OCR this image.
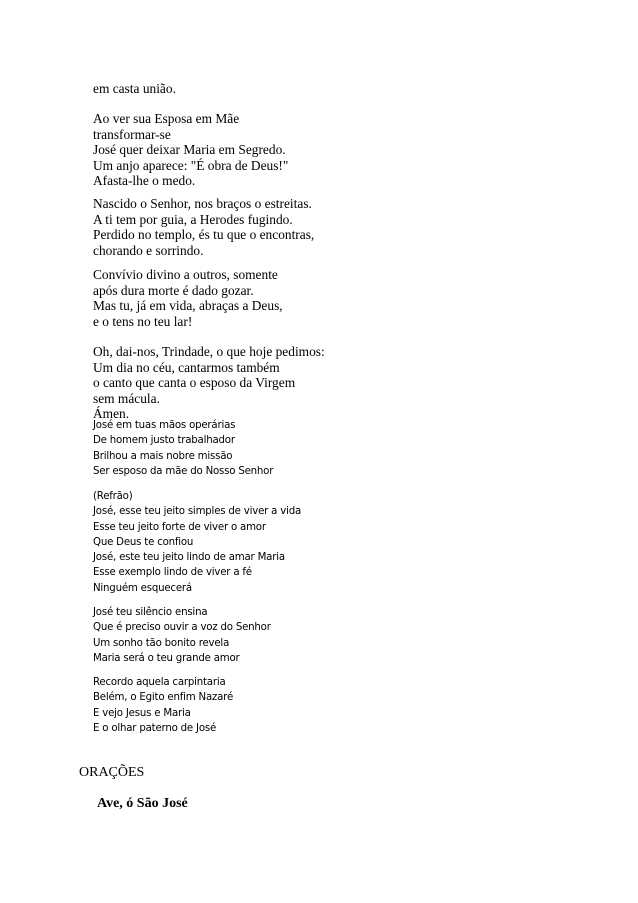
em casta união.
Ao ver sua Esposa em Mãe
transformar-se
José quer deixar Maria em Segredo.
Um anjo aparece: "É obra de Deus!"
Afasta-lhe o medo.
Nascido o Senhor, nos braços o estreitas.
A ti tem por guia, a Herodes fugindo.
Perdido no templo, és tu que o encontras,
chorando e sorrindo.
Convívio divino a outros, somente
após dura morte é dado gozar.
Mas tu, já em vida, abraças a Deus,
e o tens no teu lar!
Oh, dai-nos, Trindade, o que hoje pedimos:
Um dia no céu, cantarmos também
o canto que canta o esposo da Virgem
sem mácula.
Ámen.
José em tuas mãos operárias
De homem justo trabalhador
Brilhou a mais nobre missão
Ser esposo da mãe do Nosso Senhor
(Refrão)
José, esse teu jeito simples de viver a vida
Esse teu jeito forte de viver o amor
Que Deus te confiou
José, este teu jeito lindo de amar Maria
Esse exemplo lindo de viver a fé
Ninguém esquecerá
José teu silêncio ensina
Que é preciso ouvir a voz do Senhor
Um sonho tão bonito revela
Maria será o teu grande amor
Recordo aquela carpintaria
Belém, o Egito enfim Nazaré
E vejo Jesus e Maria
E o olhar paterno de José
ORAÇÕES
Ave, ó São José
